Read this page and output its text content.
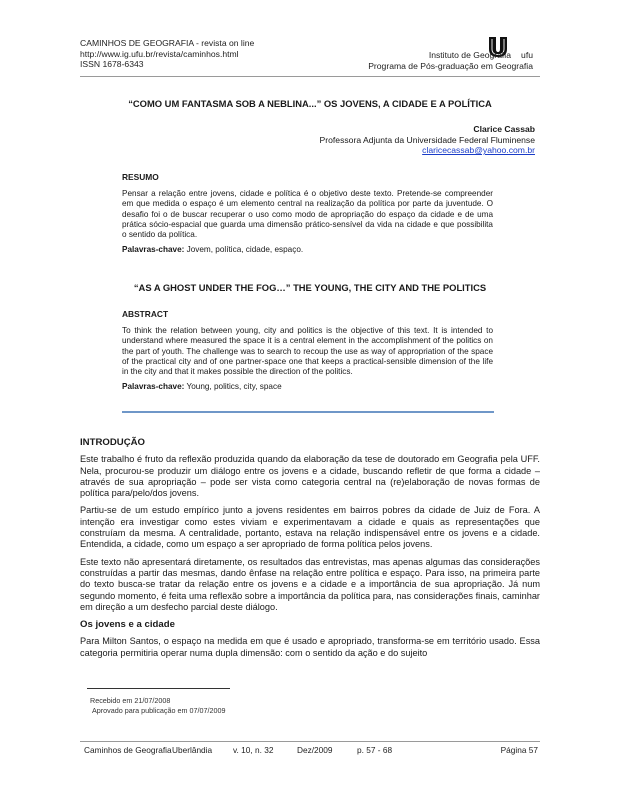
CAMINHOS DE GEOGRAFIA - revista on line
http://www.ig.ufu.br/revista/caminhos.html
ISSN 1678-6343
Instituto de Geografia
Programa de Pós-graduação em Geografia
ufu
“COMO UM FANTASMA SOB A NEBLINA...” OS JOVENS, A CIDADE E A POLÍTICA
Clarice Cassab
Professora Adjunta da Universidade Federal Fluminense
claricecassab@yahoo.com.br
RESUMO

Pensar a relação entre jovens, cidade e política é o objetivo deste texto. Pretende-se compreender em que medida o espaço é um elemento central na realização da política por parte da juventude. O desafio foi o de buscar recuperar o uso como modo de apropriação do espaço da cidade e de uma prática sócio-espacial que guarda uma dimensão prático-sensível da vida na cidade e que possibilita o sentido da política.

Palavras-chave: Jovem, política, cidade, espaço.

“AS A GHOST UNDER THE FOG…” THE YOUNG, THE CITY AND THE POLITICS
ABSTRACT

To think the relation between young, city and politics is the objective of this text. It is intended to understand where measured the space it is a central element in the accomplishment of the politics on the part of youth. The challenge was to search to recoup the use as way of appropriation of the space of the practical city and of one partner-space one that keeps a practical-sensible dimension of the life in the city and that it makes possible the direction of the politics.

Palavras-chave: Young, politics, city, space

INTRODUÇÃO

Este trabalho é fruto da reflexão produzida quando da elaboração da tese de doutorado em Geografia pela UFF. Nela, procurou-se produzir um diálogo entre os jovens e a cidade, buscando refletir de que forma a cidade – através de sua apropriação – pode ser vista como categoria central na (re)elaboração de novas formas de política para/pelo/dos jovens.

Partiu-se de um estudo empírico junto a jovens residentes em bairros pobres da cidade de Juiz de Fora. A intenção era investigar como estes viviam e experimentavam a cidade e quais as representações que construíam da mesma. A centralidade, portanto, estava na relação indispensável entre os jovens e a cidade. Entendida, a cidade, como um espaço a ser apropriado de forma política pelos jovens.

Este texto não apresentará diretamente, os resultados das entrevistas, mas apenas algumas das considerações construídas a partir das mesmas, dando ênfase na relação entre política e espaço. Para isso, na primeira parte do texto busca-se tratar da relação entre os jovens e a cidade e a importância de sua apropriação. Já num segundo momento, é feita uma reflexão sobre a importância da política para, nas considerações finais, caminhar em direção a um desfecho parcial deste diálogo.

Os jovens e a cidade

Para Milton Santos, o espaço na medida em que é usado e apropriado, transforma-se em território usado. Essa categoria permitiria operar numa dupla dimensão: com o sentido da ação e do sujeito

Recebido em 21/07/2008
Aprovado para publicação em 07/07/2009
Caminhos de Geografia Uberlândia	v. 10, n. 32	Dez/2009	p. 57 - 68	Página 57
